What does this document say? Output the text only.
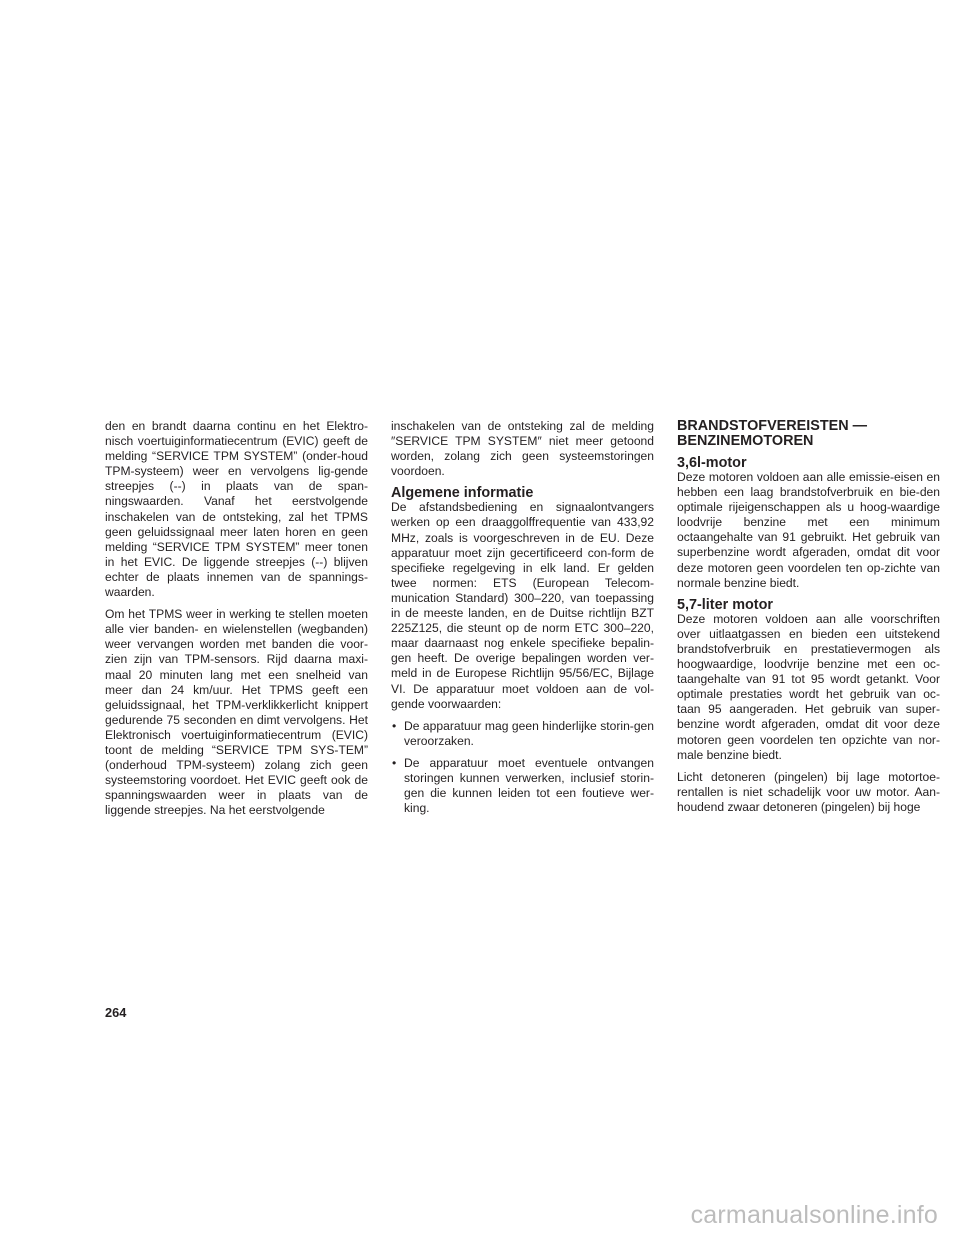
den en brandt daarna continu en het Elektro-nisch voertuiginformatiecentrum (EVIC) geeft de melding “SERVICE TPM SYSTEM” (onder-houd TPM-systeem) weer en vervolgens lig-gende streepjes (--) in plaats van de span-ningswaarden. Vanaf het eerstvolgende inschakelen van de ontsteking, zal het TPMS geen geluidssignaal meer laten horen en geen melding “SERVICE TPM SYSTEM” meer tonen in het EVIC. De liggende streepjes (--) blijven echter de plaats innemen van de spannings-waarden.

Om het TPMS weer in werking te stellen moeten alle vier banden- en wielenstellen (wegbanden) weer vervangen worden met banden die voor-zien zijn van TPM-sensors. Rijd daarna maxi-maal 20 minuten lang met een snelheid van meer dan 24 km/uur. Het TPMS geeft een geluidssignaal, het TPM-verklikkerlicht knippert gedurende 75 seconden en dimt vervolgens. Het Elektronisch voertuiginformatiecentrum (EVIC) toont de melding “SERVICE TPM SYS-TEM” (onderhoud TPM-systeem) zolang zich geen systeemstoring voordoet. Het EVIC geeft ook de spanningswaarden weer in plaats van de liggende streepjes. Na het eerstvolgende

inschakelen van de ontsteking zal de melding ″SERVICE TPM SYSTEM″ niet meer getoond worden, zolang zich geen systeemstoringen voordoen.

Algemene informatie

De afstandsbediening en signaalontvangers werken op een draaggolffrequentie van 433,92 MHz, zoals is voorgeschreven in de EU. Deze apparatuur moet zijn gecertificeerd con-form de specifieke regelgeving in elk land. Er gelden twee normen: ETS (European Telecom-munication Standard) 300–220, van toepassing in de meeste landen, en de Duitse richtlijn BZT 225Z125, die steunt op de norm ETC 300–220, maar daarnaast nog enkele specifieke bepalin-gen heeft. De overige bepalingen worden ver-meld in de Europese Richtlijn 95/56/EC, Bijlage VI. De apparatuur moet voldoen aan de vol-gende voorwaarden:

• De apparatuur mag geen hinderlijke storin-gen veroorzaken.
• De apparatuur moet eventuele ontvangen storingen kunnen verwerken, inclusief storin-gen die kunnen leiden tot een foutieve wer-king.
BRANDSTOFVEREISTEN —
BENZINEMOTOREN
3,6l-motor

Deze motoren voldoen aan alle emissie-eisen en hebben een laag brandstofverbruik en bie-den optimale rijeigenschappen als u hoog-waardige loodvrije benzine met een minimum octaangehalte van 91 gebruikt. Het gebruik van superbenzine wordt afgeraden, omdat dit voor deze motoren geen voordelen ten op-zichte van normale benzine biedt.

5,7-liter motor

Deze motoren voldoen aan alle voorschriften over uitlaatgassen en bieden een uitstekend brandstofverbruik en prestatievermogen als hoogwaardige, loodvrije benzine met een oc-taangehalte van 91 tot 95 wordt getankt. Voor optimale prestaties wordt het gebruik van oc-taan 95 aangeraden. Het gebruik van super-benzine wordt afgeraden, omdat dit voor deze motoren geen voordelen ten opzichte van nor-male benzine biedt.

Licht detoneren (pingelen) bij lage motortoe-rentallen is niet schadelijk voor uw motor. Aan-houdend zwaar detoneren (pingelen) bij hoge

264
carmanualsonline.info
